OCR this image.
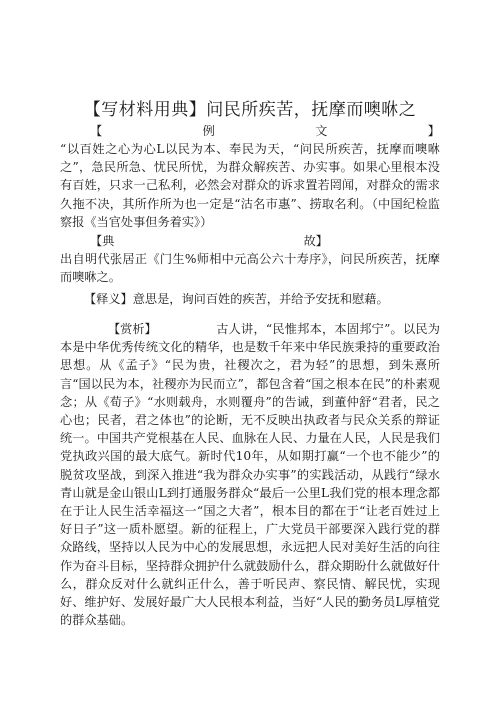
【写材料用典】问民所疾苦，抚摩而噢咻之
【	例	文	】

“以百姓之心为心L以民为本、奉民为天，“问民所疾苦，抚摩而噢咻之”，急民所急、忧民所忧，为群众解疾苦、办实事。如果心里根本没有百姓，只求一己私利，必然会对群众的诉求置若罔闻，对群众的需求久拖不决，其所作所为也一定是“沽名市惠”、捞取名利。（中国纪检监察报《当官处事但务着实》）

【典	故】

出自明代张居正《门生%师相中元高公六十寿序》，问民所疾苦，抚摩而噢咻之。

【释义】意思是，询问百姓的疾苦，并给予安抚和慰藉。

【赏析】	古人讲，“民惟邦本，本固邦宁”。以民为本是中华优秀传统文化的精华，也是数千年来中华民族秉持的重要政治思想。从《孟子》“民为贵，社稷次之，君为轻”的思想，到朱熹所言“国以民为本，社稷亦为民而立”，都包含着“国之根本在民”的朴素观念；从《荀子》“水则载舟，水则覆舟”的告诫，到董仲舒“君者，民之心也；民者，君之体也”的论断，无不反映出执政者与民众关系的辩证统一。中国共产党根基在人民、血脉在人民、力量在人民，人民是我们党执政兴国的最大底气。新时代10年，从如期打赢“一个也不能少”的脱贫攻坚战，到深入推进“我为群众办实事”的实践活动，从践行“绿水青山就是金山银山L到打通服务群众“最后一公里L我们党的根本理念都在于让人民生活幸福这一“国之大者”，根本目的都在于“让老百姓过上好日子”这一质朴愿望。新的征程上，广大党员干部要深入践行党的群众路线，坚持以人民为中心的发展思想，永远把人民对美好生活的向往作为奋斗目标，坚持群众拥护什么就鼓励什么，群众期盼什么就做好什么，群众反对什么就纠正什么，善于听民声、察民情、解民忧，实现好、维护好、发展好最广大人民根本利益，当好“人民的勤务员L厚植党的群众基础。
